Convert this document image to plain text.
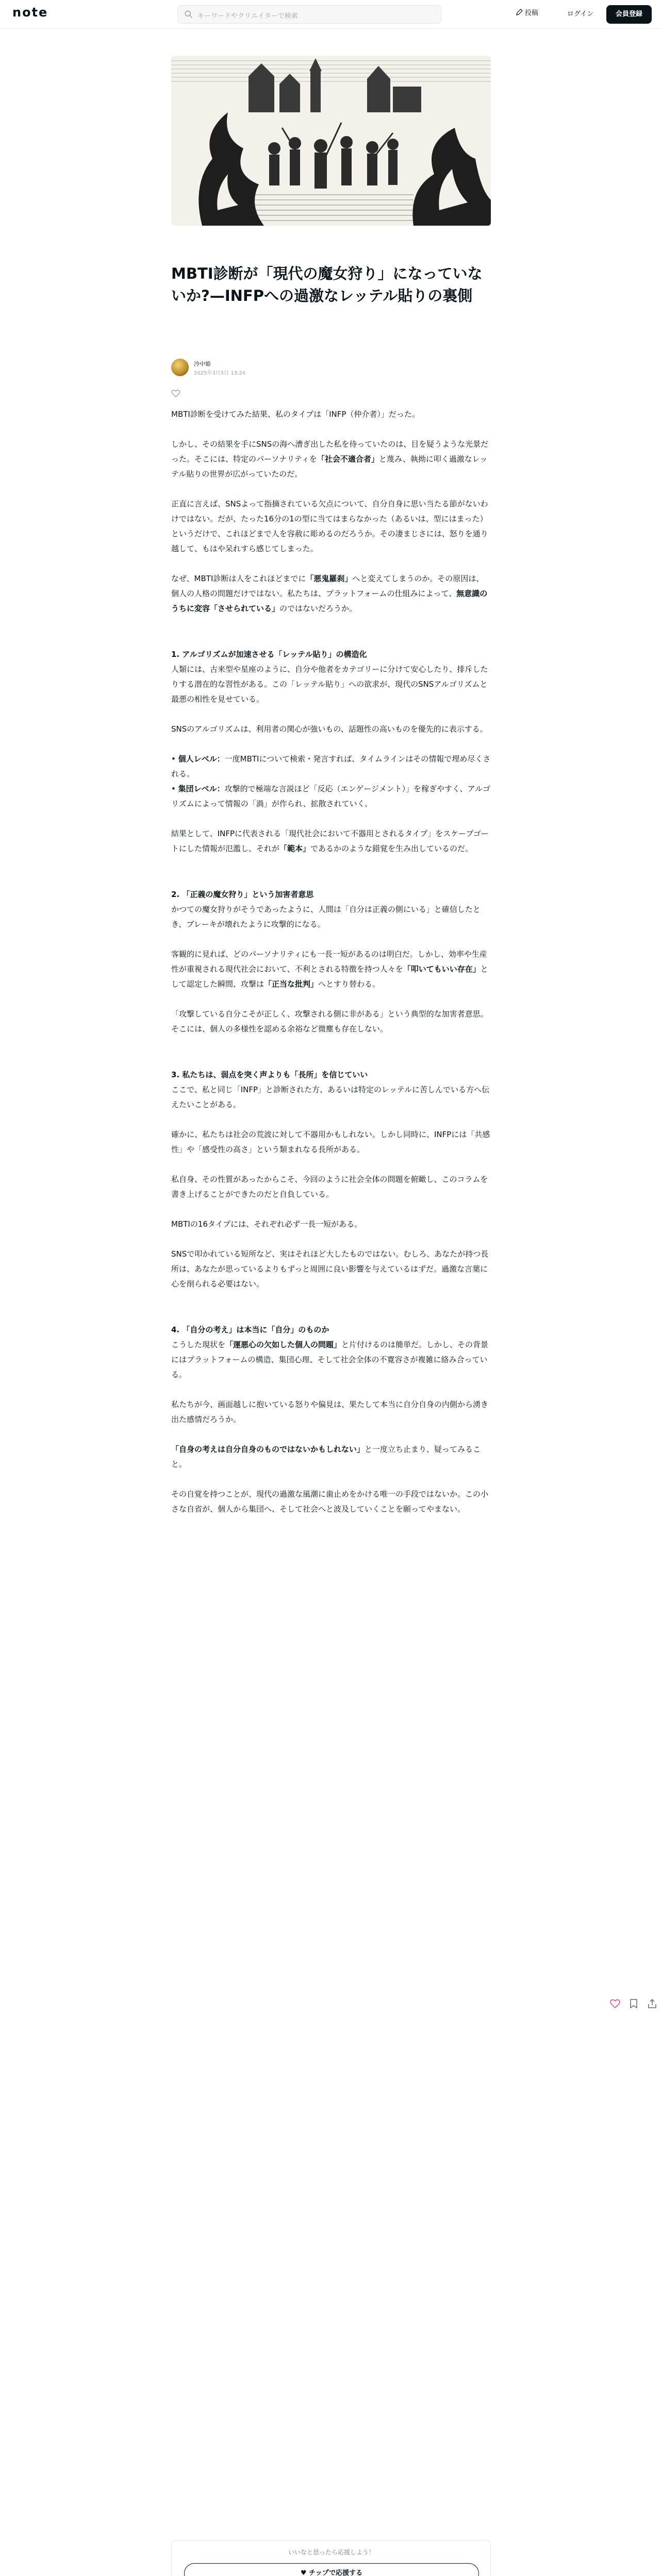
note	キーワードやクリエイターで検索	投稿	ログイン	会員登録
MBTI診断が「現代の魔女狩り」になっていないか?—INFPへの過激なレッテル貼りの裏側
冷中姫
2025年3月5日 13:24

MBTI診断を受けてみた結果、私のタイプは「INFP（仲介者）」だった。

しかし、その結果を手にSNSの海へ漕ぎ出した私を待っていたのは、目を疑うような光景だった。そこには、特定のパーソナリティを「社会不適合者」と蔑み、執拗に叩く過激なレッテル貼りの世界が広がっていたのだ。

正直に言えば、SNSよって指摘されている欠点について、自分自身に思い当たる節がないわけではない。だが、たった16分の1の型に当てはまらなかった（あるいは、型にはまった）というだけで、これほどまで人を容赦に彫めるのだろうか。その凄まじさには、怒りを通り越して、もはや呆れすら感じてしまった。

なぜ、MBTI診断は人をこれほどまでに「悪鬼羅刹」へと変えてしまうのか。その原因は、個人の人格の問題だけではない。私たちは、プラットフォームの仕組みによって、無意識のうちに変容「させられている」のではないだろうか。

1. アルゴリズムが加速させる「レッテル貼り」の構造化

人類には、古来型や星座のように、自分や他者をカテゴリーに分けて安心したり、排斥したりする潜在的な習性がある。この「レッテル貼り」への欲求が、現代のSNSアルゴリズムと最悪の相性を見せている。

SNSのアルゴリズムは、利用者の関心が強いもの、話題性の高いものを優先的に表示する。

• 個人レベル：一度MBTIについて検索・発言すれば、タイムラインはその情報で埋め尽くされる。
• 集団レベル：攻撃的で極端な言説ほど「反応（エンゲージメント）」を稼ぎやすく、アルゴリズムによって情報の「渦」が作られ、拡散されていく。

結果として、INFPに代表される「現代社会において不器用とされるタイプ」をスケープゴートにした情報が氾濫し、それが「範本」であるかのような錯覚を生み出しているのだ。

2. 「正義の魔女狩り」という加害者意思

かつての魔女狩りがそうであったように、人間は「自分は正義の側にいる」と確信したとき、ブレーキが壊れたように攻撃的になる。

客観的に見れば、どのパーソナリティにも一長一短があるのは明白だ。しかし、効率や生産性が重視される現代社会において、不利とされる特徴を持つ人々を「叩いてもいい存在」として認定した瞬間、攻撃は「正当な批判」へとすり替わる。

「攻撃している自分こそが正しく、攻撃される側に非がある」という典型的な加害者意思。そこには、個人の多様性を認める余裕など微塵も存在しない。

3. 私たちは、弱点を突く声よりも「長所」を信じていい

ここで、私と同じ「INFP」と診断された方、あるいは特定のレッテルに苦しんでいる方へ伝えたいことがある。

確かに、私たちは社会の荒波に対して不器用かもしれない。しかし同時に、INFPには「共感性」や「感受性の高さ」という類まれなる長所がある。

私自身、その性質があったからこそ、今回のように社会全体の問題を俯瞰し、このコラムを書き上げることができたのだと自負している。

MBTIの16タイプには、それぞれ必ず一長一短がある。

SNSで叩かれている短所など、実はそれほど大したものではない。むしろ、あなたが持つ長所は、あなたが思っているよりもずっと周囲に良い影響を与えているはずだ。過激な言葉に心を削られる必要はない。

4. 「自分の考え」は本当に「自分」のものか

こうした現状を「運悪心の欠如した個人の問題」と片付けるのは簡単だ。しかし、その背景にはプラットフォームの構造、集団心理、そして社会全体の不寛容さが複雑に絡み合っている。

私たちが今、画面越しに抱いている怒りや偏見は、果たして本当に自分自身の内側から湧き出た感情だろうか。

「自身の考えは自分自身のものではないかもしれない」と一度立ち止まり、疑ってみること。

その自覚を持つことが、現代の過激な風潮に歯止めをかける唯一の手段ではないか。この小さな自省が、個人から集団へ、そして社会へと波及していくことを願ってやまない。

いいなと思ったら応援しよう！
♥ チップで応援する
